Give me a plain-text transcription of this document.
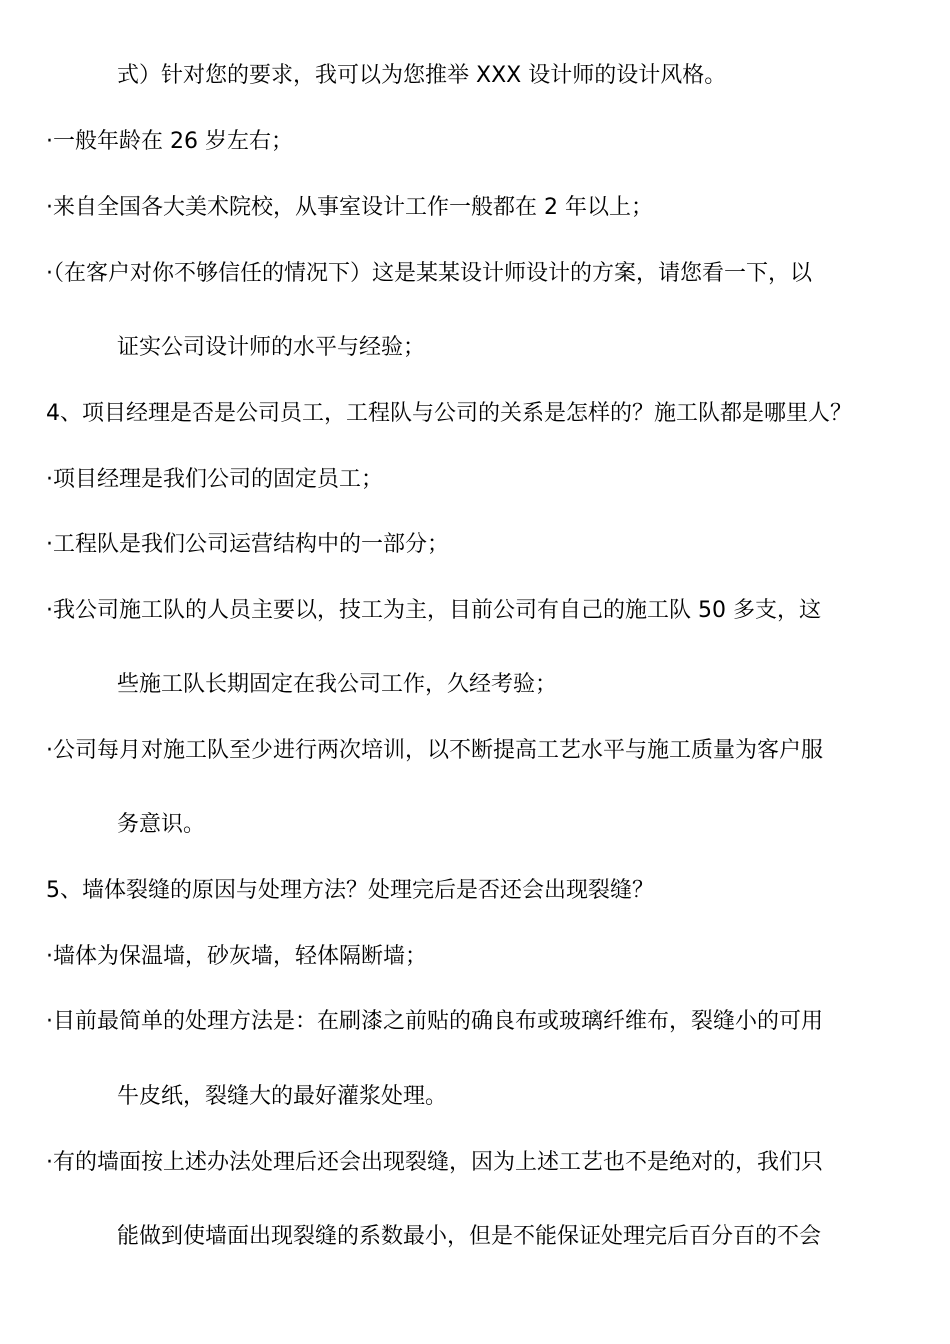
式）针对您的要求，我可以为您推举 XXX 设计师的设计风格。
·一般年龄在 26 岁左右；
·来自全国各大美术院校，从事室设计工作一般都在 2 年以上；
·（在客户对你不够信任的情况下）这是某某设计师设计的方案，请您看一下，以
证实公司设计师的水平与经验；
4、项目经理是否是公司员工，工程队与公司的关系是怎样的？施工队都是哪里人？
·项目经理是我们公司的固定员工；
·工程队是我们公司运营结构中的一部分；
·我公司施工队的人员主要以，技工为主，目前公司有自己的施工队 50 多支，这
些施工队长期固定在我公司工作，久经考验；
·公司每月对施工队至少进行两次培训，以不断提高工艺水平与施工质量为客户服
务意识。
5、墙体裂缝的原因与处理方法？处理完后是否还会出现裂缝？
·墙体为保温墙，砂灰墙，轻体隔断墙；
·目前最简单的处理方法是：在刷漆之前贴的确良布或玻璃纤维布，裂缝小的可用
牛皮纸，裂缝大的最好灌浆处理。
·有的墙面按上述办法处理后还会出现裂缝，因为上述工艺也不是绝对的，我们只
能做到使墙面出现裂缝的系数最小，但是不能保证处理完后百分百的不会
